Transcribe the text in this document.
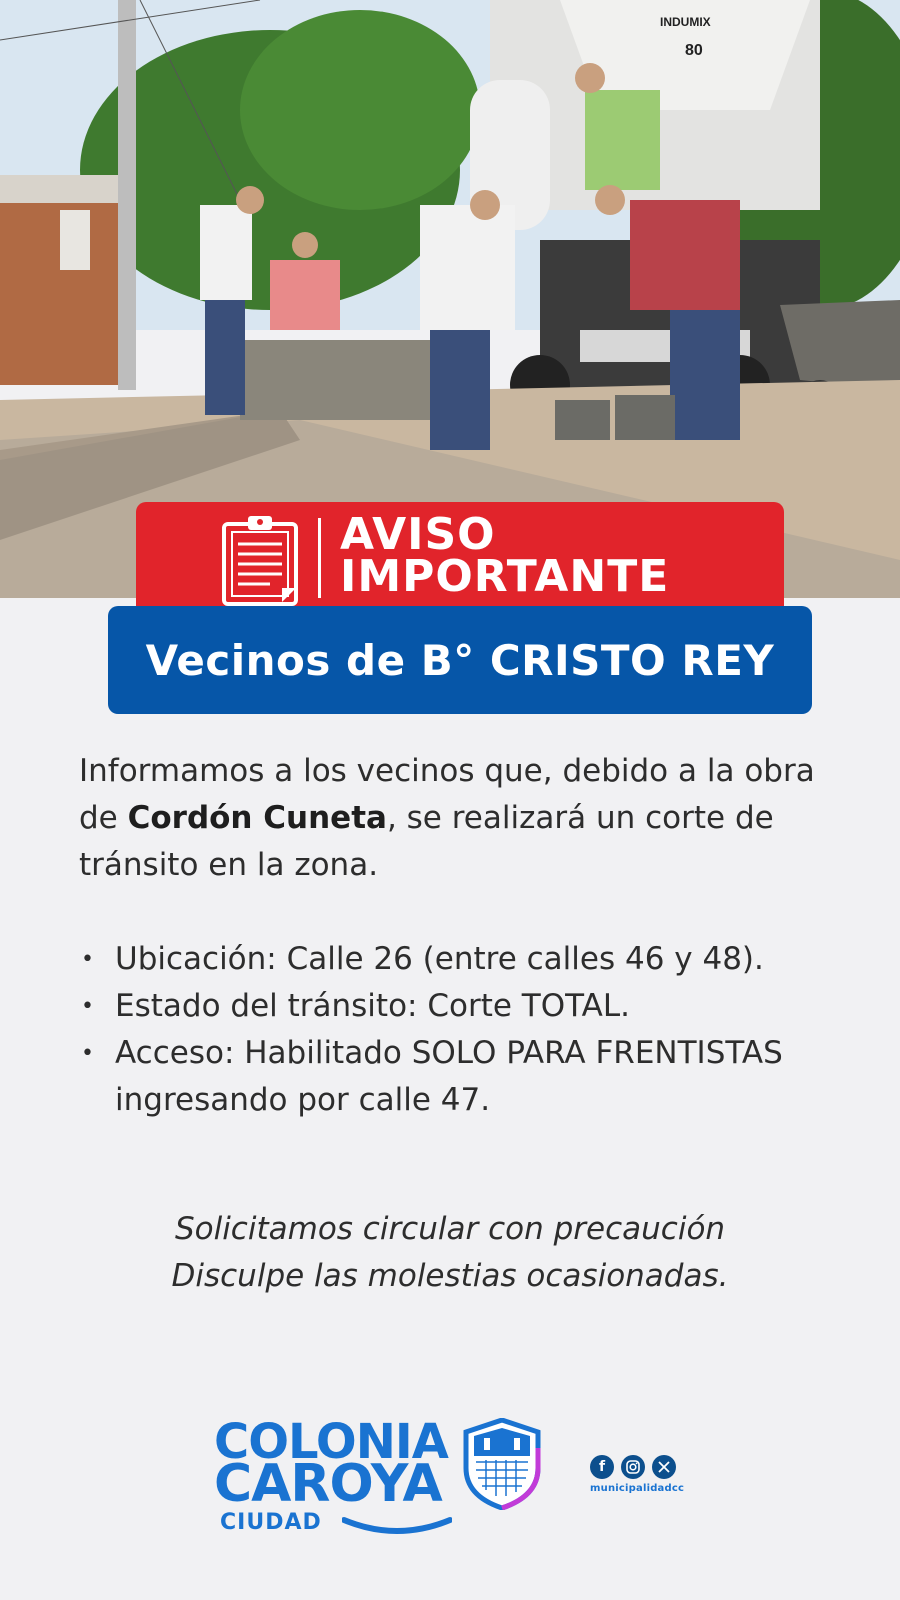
INDUMIX
80
AVISO
IMPORTANTE
Vecinos de B° CRISTO REY
Informamos a los vecinos que, debido a la obra de Cordón Cuneta, se realizará un corte de tránsito en la zona.
• Ubicación: Calle 26 (entre calles 46 y 48).
• Estado del tránsito: Corte TOTAL.
• Acceso: Habilitado SOLO PARA FRENTISTAS ingresando por calle 47.
Solicitamos circular con precaución
Disculpe las molestias ocasionadas.
COLONIA
CAROYA
CIUDAD
f
municipalidadcc
